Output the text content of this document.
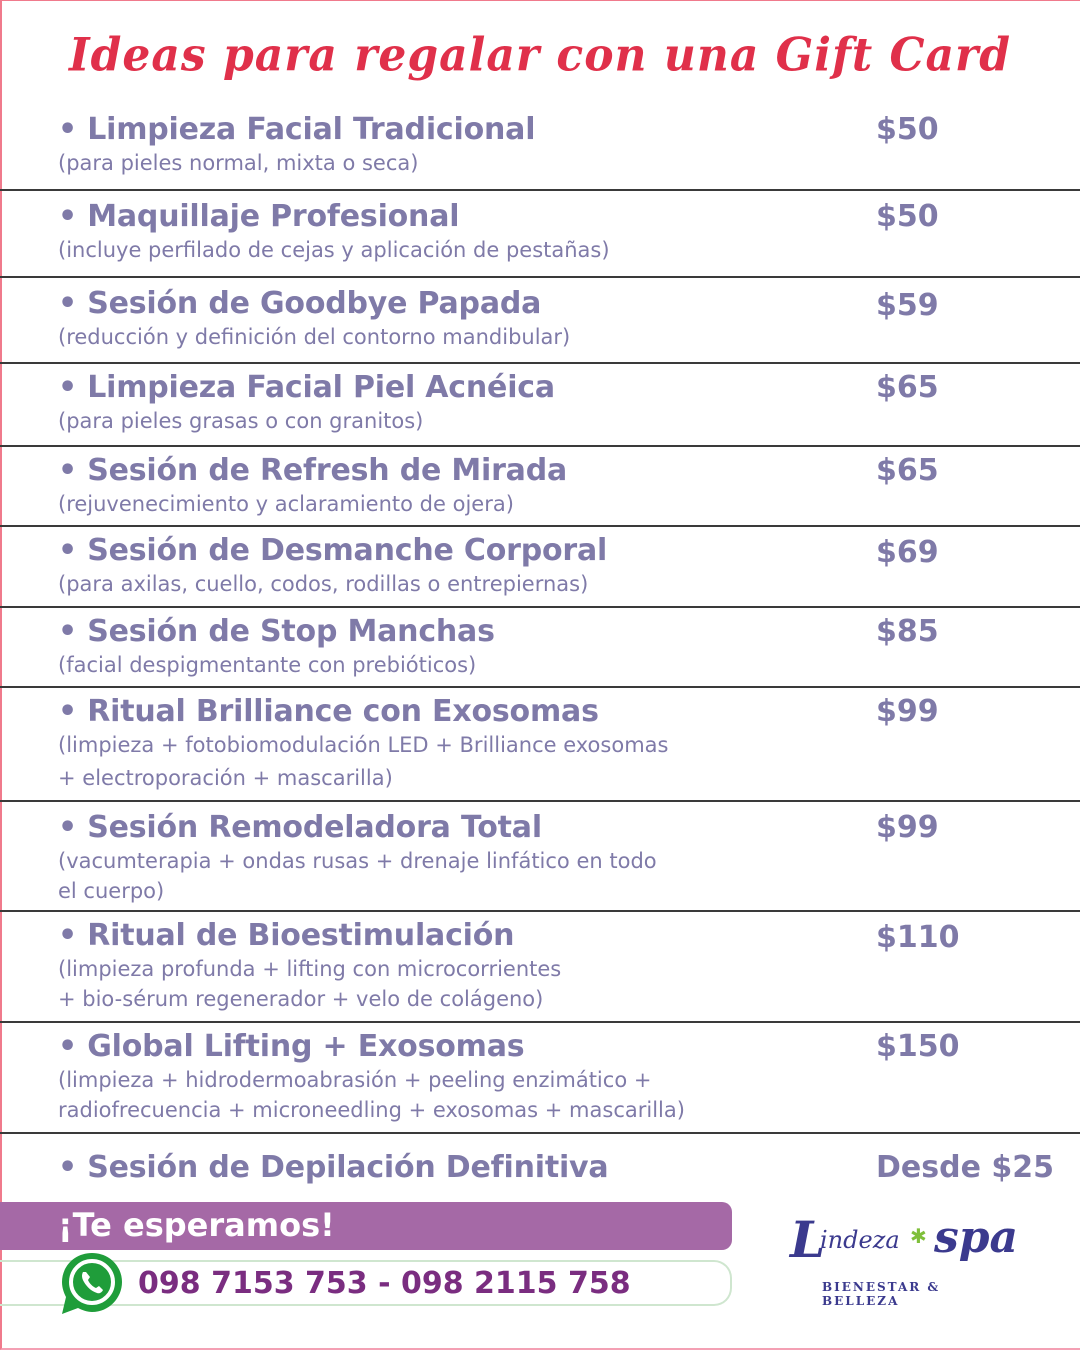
Ideas para regalar con una Gift Card
• Limpieza Facial Tradicional
(para pieles normal, mixta o seca)
$50
• Maquillaje Profesional
(incluye perfilado de cejas y aplicación de pestañas)
$50
• Sesión de Goodbye Papada
(reducción y definición del contorno mandibular)
$59
• Limpieza Facial Piel Acnéica
(para pieles grasas o con granitos)
$65
• Sesión de Refresh de Mirada
(rejuvenecimiento y aclaramiento de ojera)
$65
• Sesión de Desmanche Corporal
(para axilas, cuello, codos, rodillas o entrepiernas)
$69
• Sesión de Stop Manchas
(facial despigmentante con prebióticos)
$85
• Ritual Brilliance con Exosomas
(limpieza + fotobiomodulación LED + Brilliance exosomas
+ electroporación + mascarilla)
$99
• Sesión Remodeladora Total
(vacumterapia + ondas rusas + drenaje linfático en todo
el cuerpo)
$99
• Ritual de Bioestimulación
(limpieza profunda + lifting con microcorrientes
+ bio-sérum regenerador + velo de colágeno)
$110
• Global Lifting + Exosomas
(limpieza + hidrodermoabrasión + peeling enzimático +
radiofrecuencia + microneedling + exosomas + mascarilla)
$150
• Sesión de Depilación Definitiva	Desde $25
¡Te esperamos!
098 7153 753 - 098 2115 758
L
indeza ✱ spa
BIENESTAR & BELLEZA
